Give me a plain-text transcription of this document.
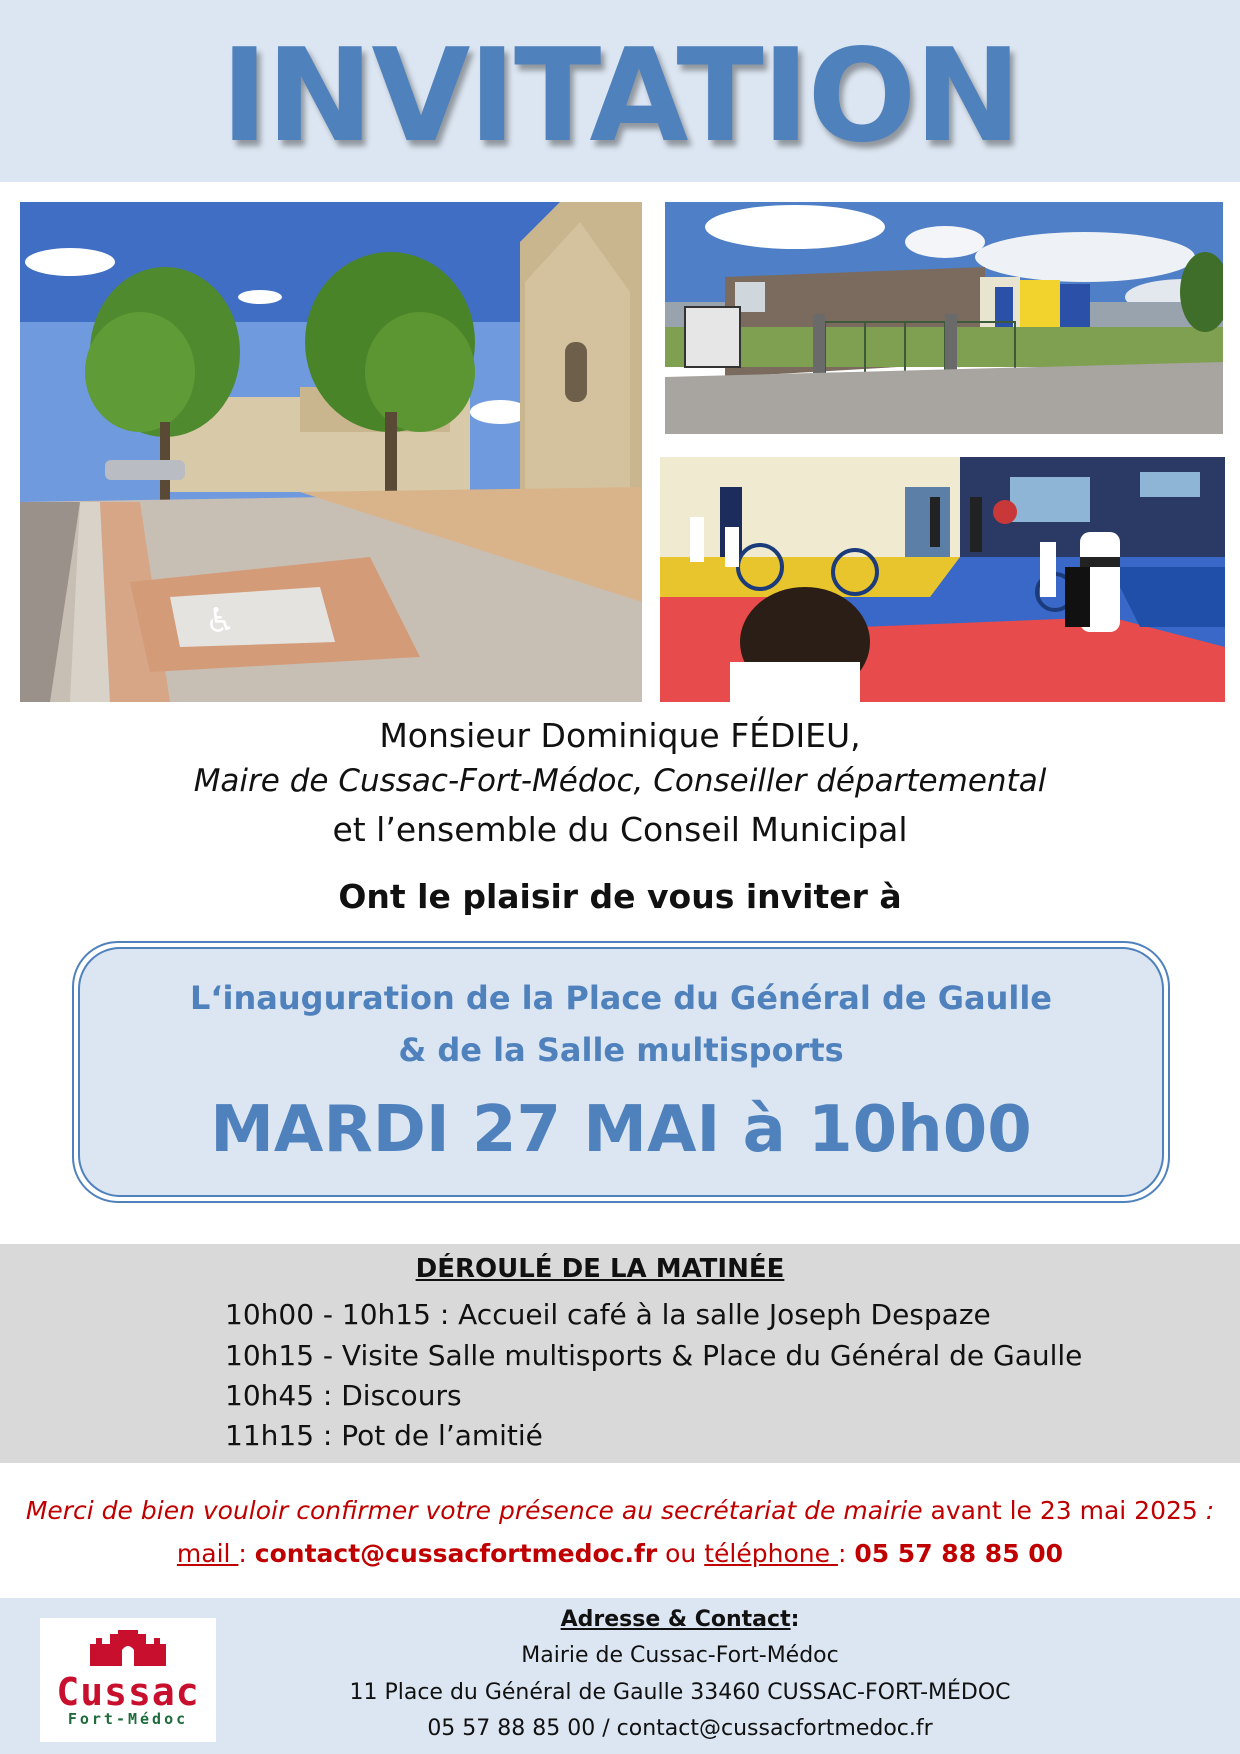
INVITATION
♿
Monsieur Dominique FÉDIEU,
Maire de Cussac-Fort-Médoc, Conseiller départemental
et l’ensemble du Conseil Municipal
Ont le plaisir de vous inviter à
L‘inauguration de la Place du Général de Gaulle
& de la Salle multisports
MARDI 27 MAI à 10h00
DÉROULÉ DE LA MATINÉE
10h00 - 10h15 : Accueil café à la salle Joseph Despaze
10h15 - Visite Salle multisports & Place du Général de Gaulle
10h45 : Discours
11h15 : Pot de l’amitié
Merci de bien vouloir confirmer votre présence au secrétariat de mairie avant le 23 mai 2025 :
mail : contact@cussacfortmedoc.fr ou téléphone : 05 57 88 85 00
Cussac
Fort-Médoc
Adresse & Contact:
Mairie de Cussac-Fort-Médoc
11 Place du Général de Gaulle 33460 CUSSAC-FORT-MÉDOC
05 57 88 85 00 / contact@cussacfortmedoc.fr
